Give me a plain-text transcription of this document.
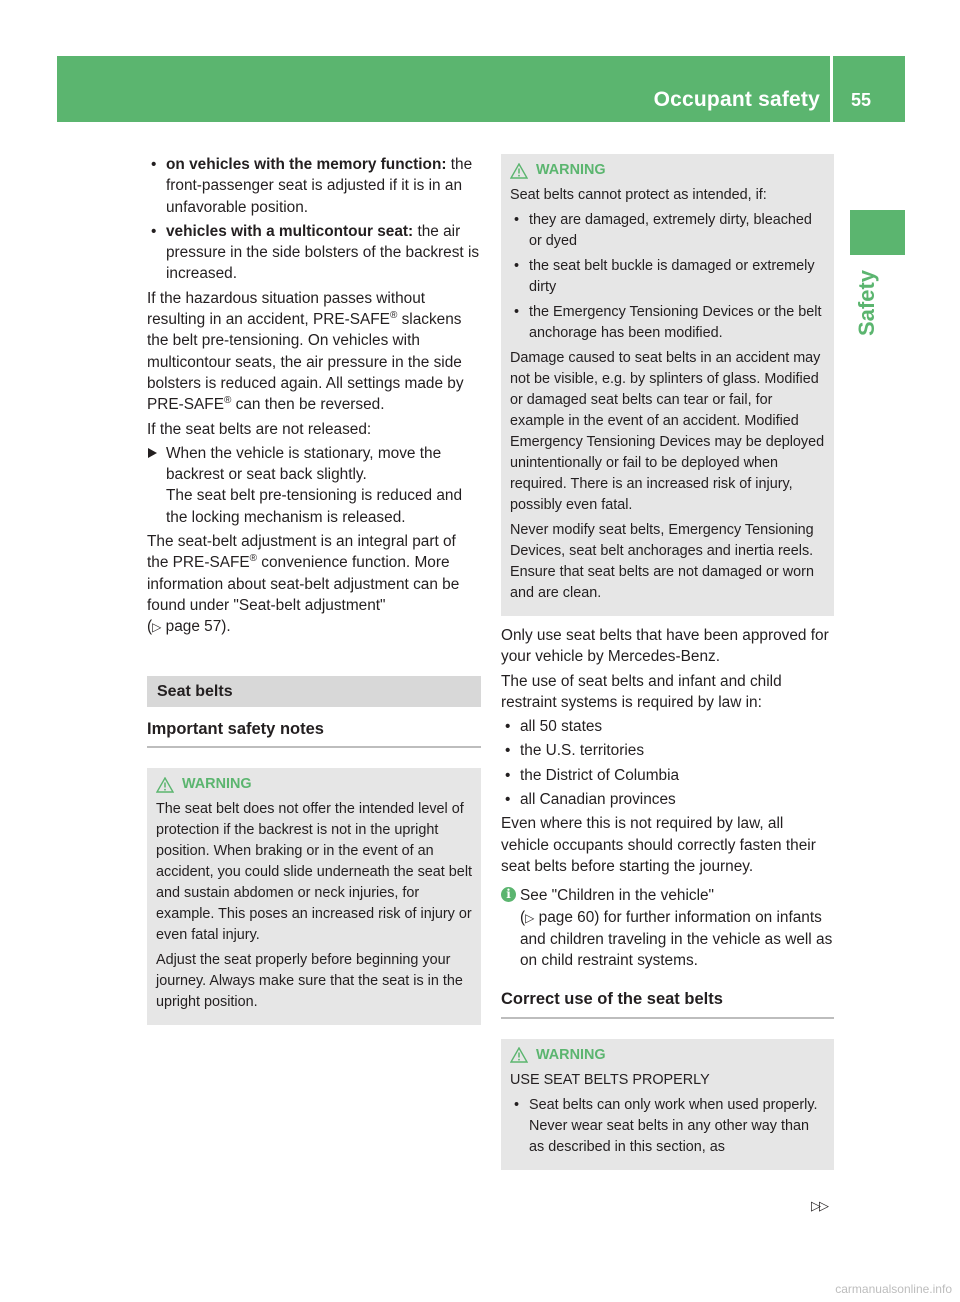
Occupant safety 55
Safety
• on vehicles with the memory function: the front-passenger seat is adjusted if it is in an unfavorable position.
• vehicles with a multicontour seat: the air pressure in the side bolsters of the backrest is increased.

If the hazardous situation passes without resulting in an accident, PRE-SAFE® slackens the belt pre-tensioning. On vehicles with multicontour seats, the air pressure in the side bolsters is reduced again. All settings made by PRE-SAFE® can then be reversed.

If the seat belts are not released:

When the vehicle is stationary, move the backrest or seat back slightly.
The seat belt pre-tensioning is reduced and the locking mechanism is released.

The seat-belt adjustment is an integral part of the PRE-SAFE® convenience function. More information about seat-belt adjustment can be found under "Seat-belt adjustment"
(▷ page 57).

Seat belts
Important safety notes
WARNING

The seat belt does not offer the intended level of protection if the backrest is not in the upright position. When braking or in the event of an accident, you could slide underneath the seat belt and sustain abdomen or neck injuries, for example. This poses an increased risk of injury or even fatal injury.

Adjust the seat properly before beginning your journey. Always make sure that the seat is in the upright position.

WARNING

Seat belts cannot protect as intended, if:

• they are damaged, extremely dirty, bleached or dyed
• the seat belt buckle is damaged or extremely dirty
• the Emergency Tensioning Devices or the belt anchorage has been modified.

Damage caused to seat belts in an accident may not be visible, e.g. by splinters of glass. Modified or damaged seat belts can tear or fail, for example in the event of an accident. Modified Emergency Tensioning Devices may be deployed unintentionally or fail to be deployed when required. There is an increased risk of injury, possibly even fatal.

Never modify seat belts, Emergency Tensioning Devices, seat belt anchorages and inertia reels. Ensure that seat belts are not damaged or worn and are clean.

Only use seat belts that have been approved for your vehicle by Mercedes-Benz.

The use of seat belts and infant and child restraint systems is required by law in:

• all 50 states
• the U.S. territories
• the District of Columbia
• all Canadian provinces

Even where this is not required by law, all vehicle occupants should correctly fasten their seat belts before starting the journey.

i See "Children in the vehicle"
(▷ page 60) for further information on infants and children traveling in the vehicle as well as on child restraint systems.
Correct use of the seat belts
WARNING

USE SEAT BELTS PROPERLY

• Seat belts can only work when used properly. Never wear seat belts in any other way than as described in this section, as
▷▷
carmanualsonline.info
